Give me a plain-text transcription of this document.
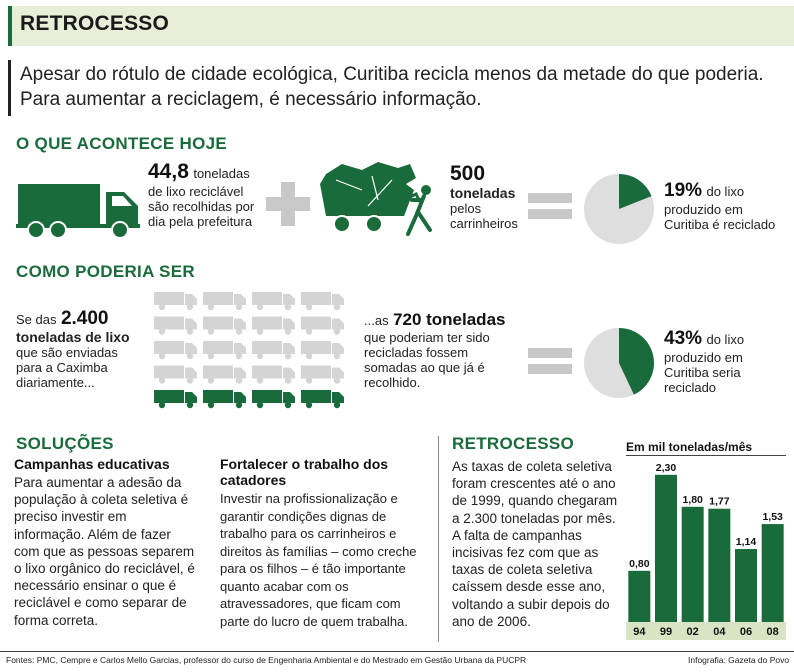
RETROCESSO
Apesar do rótulo de cidade ecológica, Curitiba recicla menos da metade do que poderia. Para aumentar a reciclagem, é necessário informação.
O QUE ACONTECE HOJE
44,8 toneladas
de lixo reciclável
são recolhidas por
dia pela prefeitura
500
toneladas
pelos
carrinheiros
19% do lixo
produzido em
Curitiba é reciclado
COMO PODERIA SER
Se das 2.400
toneladas de lixo
que são enviadas
para a Caximba
diariamente...
...as 720 toneladas
que poderiam ter sido
recicladas fossem
somadas ao que já é
recolhido.
43% do lixo
produzido em
Curitiba seria
reciclado
SOLUÇÕES
Campanhas educativas
Para aumentar a adesão da
população à coleta seletiva é
preciso investir em
informação. Além de fazer
com que as pessoas separem
o lixo orgânico do reciclável, é
necessário ensinar o que é
reciclável e como separar de
forma correta.
Fortalecer o trabalho dos
catadores
Investir na profissionalização e
garantir condições dignas de
trabalho para os carrinheiros e
direitos às famílias – como creche
para os filhos – é tão importante
quanto acabar com os
atravessadores, que ficam com
parte do lucro de quem trabalha.
RETROCESSO
As taxas de coleta seletiva
foram crescentes até o ano
de 1999, quando chegaram
a 2.300 toneladas por mês.
A falta de campanhas
incisivas fez com que as
taxas de coleta seletiva
caíssem desde esse ano,
voltando a subir depois do
ano de 2006.
Em mil toneladas/mês
0,80
2,30
1,80 1,77
1,14
1,53
94 99 02 04 06 08
Fontes: PMC, Cempre e Carlos Mello Garcias, professor do curso de Engenharia Ambiental e do Mestrado em Gestão Urbana da PUCPR	Infografia: Gazeta do Povo
